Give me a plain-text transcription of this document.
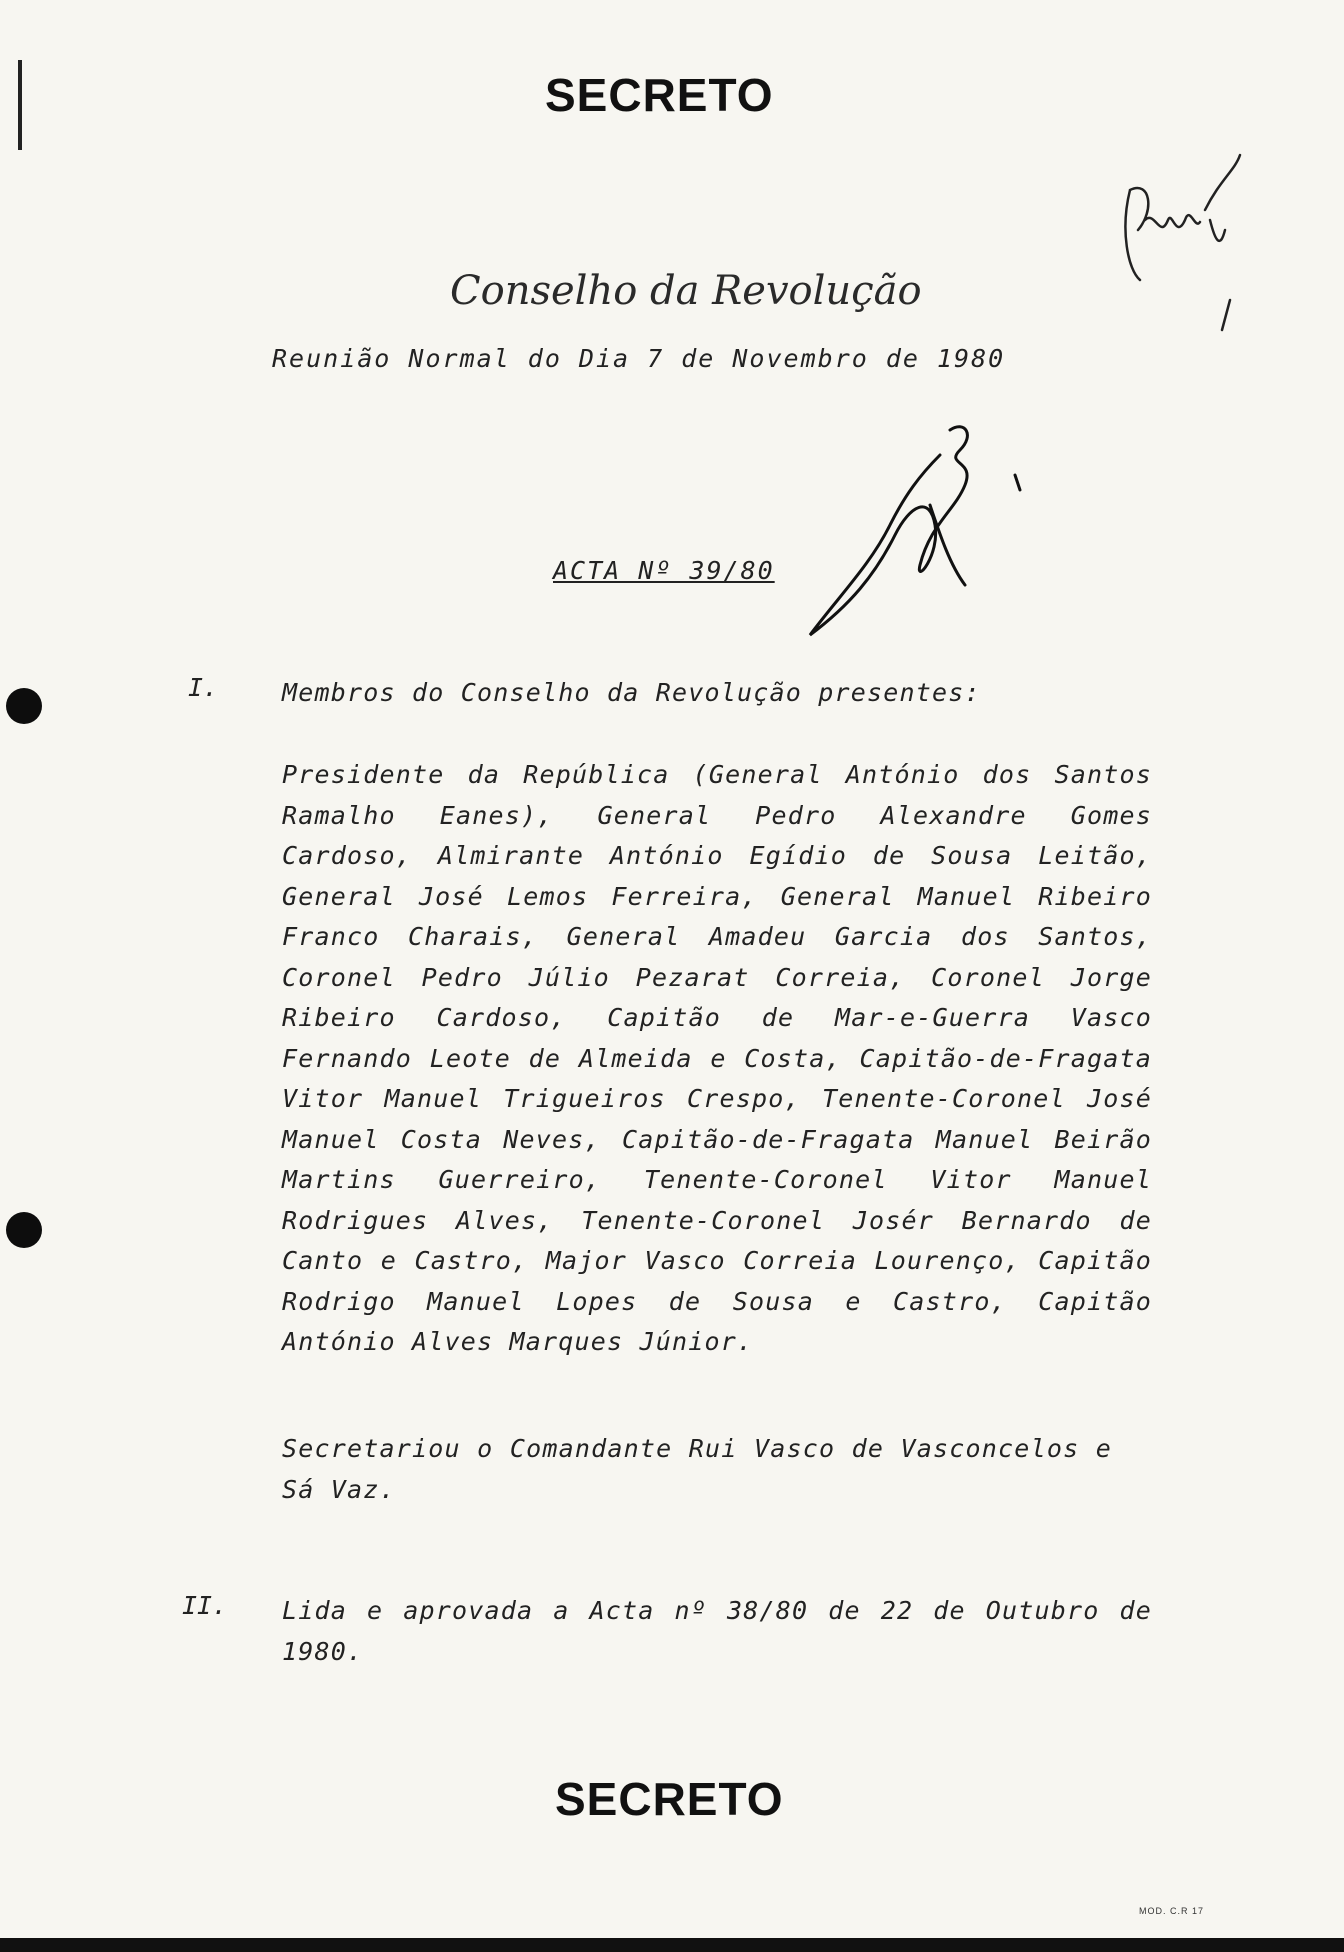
SECRETO
Conselho da Revolução
Reunião Normal do Dia 7 de Novembro de 1980
ACTA Nº 39/80
I.	Membros do Conselho da Revolução presentes:

Presidente da República (General António dos Santos Ramalho Eanes), General Pedro Alexandre Gomes Cardoso, Almirante António Egídio de Sousa Leitão, General José Lemos Ferreira, General Manuel Ribeiro Franco Charais, General Amadeu Garcia dos Santos, Coronel Pedro Júlio Pezarat Correia, Coronel Jorge Ribeiro Cardoso, Capitão de Mar-e-Guerra Vasco Fernando Leote de Almeida e Costa, Capitão-de-Fragata Vitor Manuel Trigueiros Crespo, Tenente-Coronel José Manuel Costa Neves, Capitão-de-Fragata Manuel Beirão Martins Guerreiro, Tenente-Coronel Vitor Manuel Rodrigues Alves, Tenente-Coronel Josér Bernardo de Canto e Castro, Major Vasco Correia Lourenço, Capitão Rodrigo Manuel Lopes de Sousa e Castro, Capitão António Alves Marques Júnior.

Secretariou o Comandante Rui Vasco de Vasconcelos e Sá Vaz.

II. Lida e aprovada a Acta nº 38/80 de 22 de Outubro de 1980.

SECRETO
MOD. C.R 17
